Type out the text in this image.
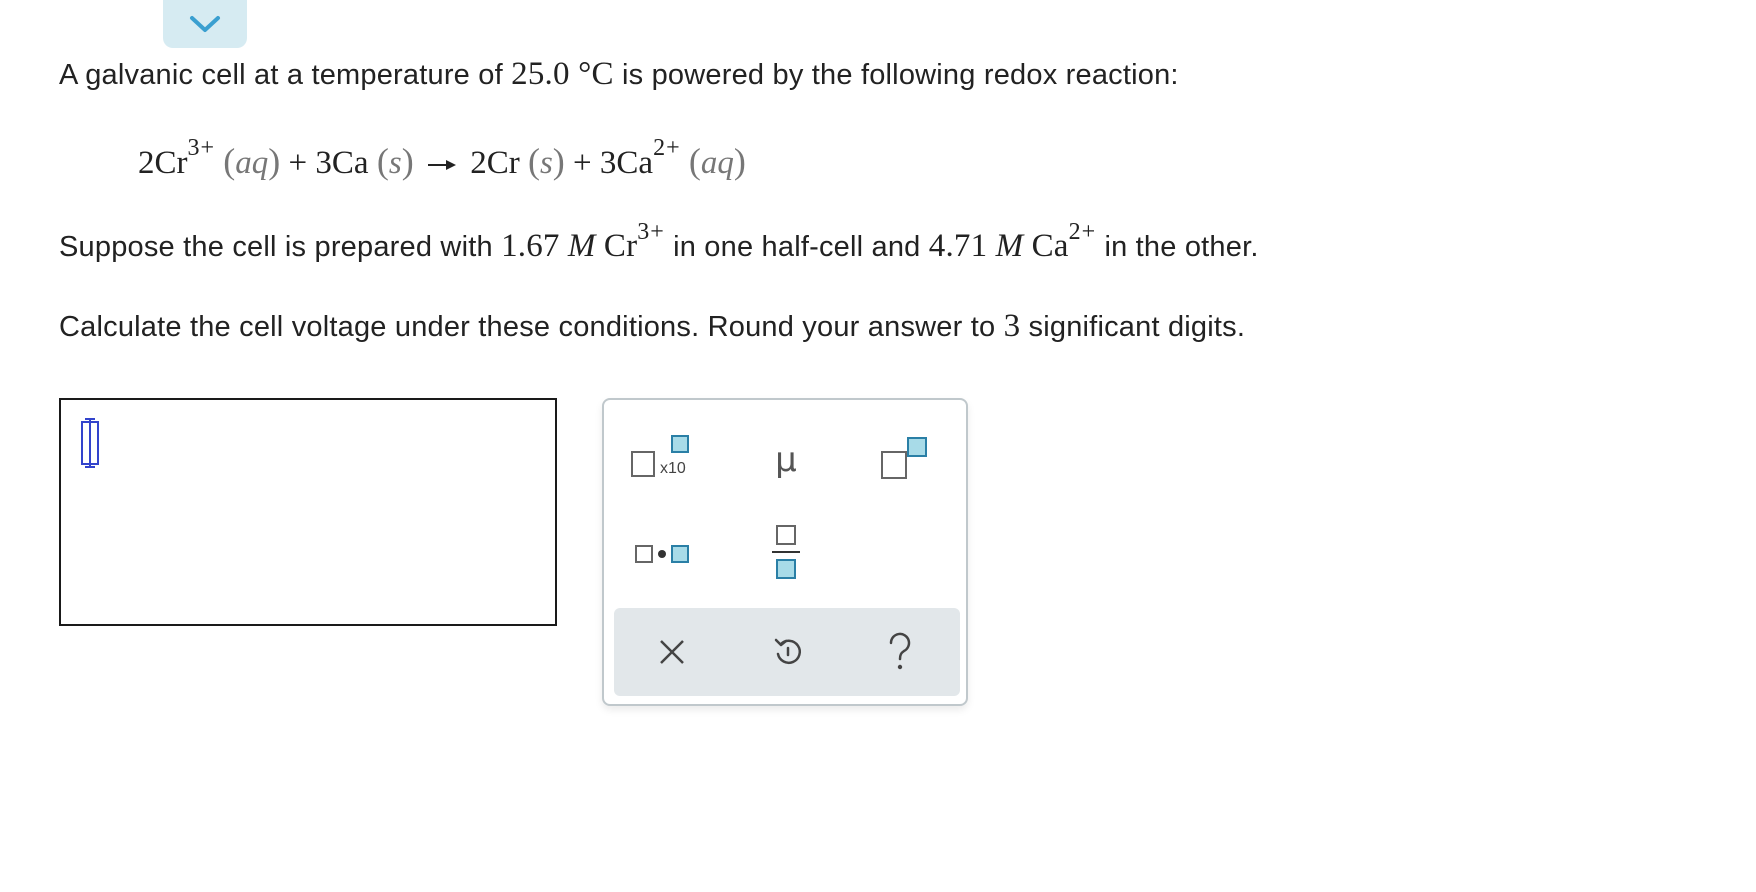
A galvanic cell at a temperature of 25.0 °C is powered by the following redox reaction:
$2Cr^{3+}$ (aq) + 3Ca (s) → 2Cr $(s) + 3Ca^{2+}$ (aq)
Suppose the cell is prepared with 1.67 M $Cr^{3+}$ in one half-cell and 4.71 M $Ca^{2+}$ in the other.
Calculate the cell voltage under these conditions. Round your answer to 3 significant digits.
x10	μ
